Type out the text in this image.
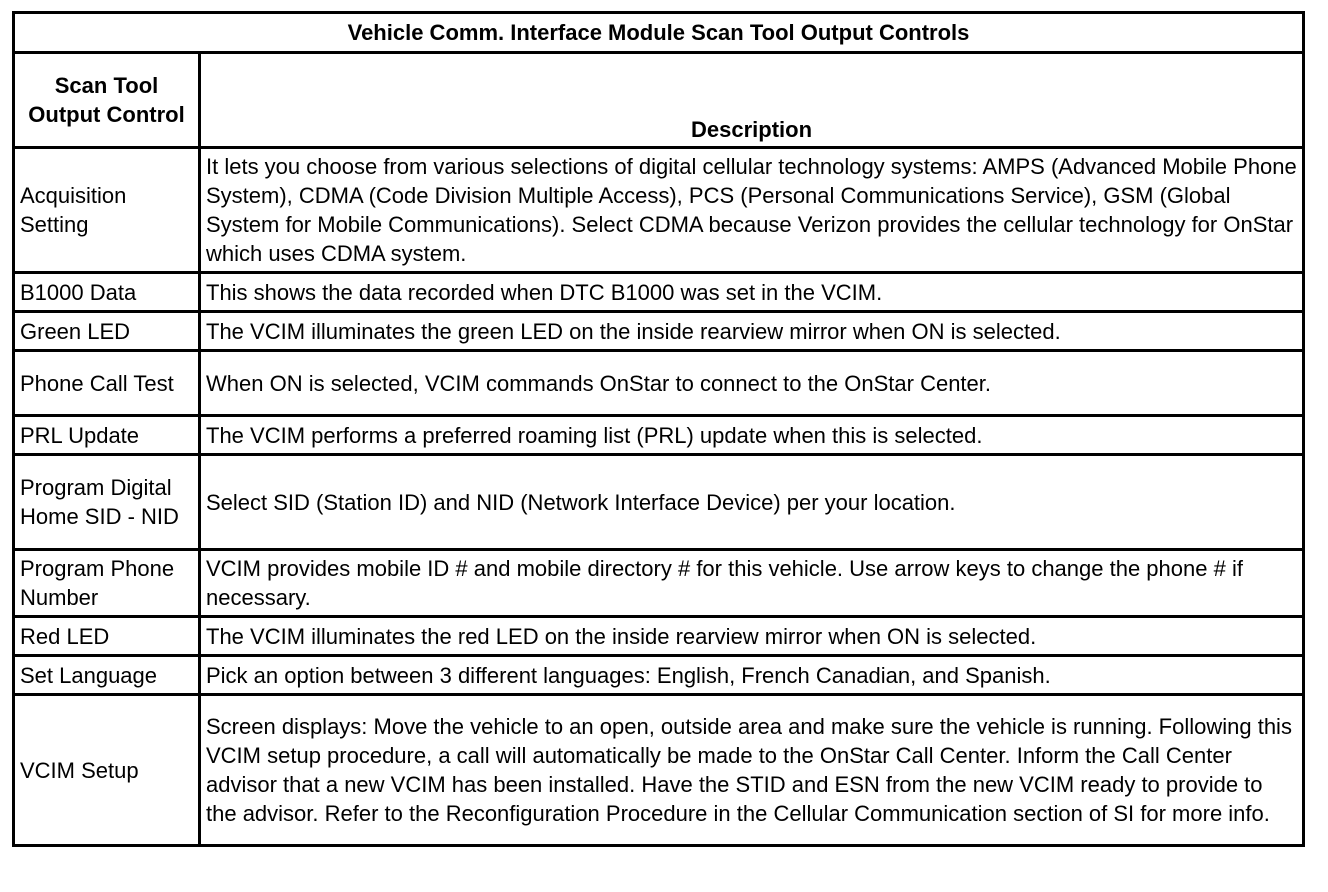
Vehicle Comm. Interface Module Scan Tool Output Controls	
Scan Tool Output Control	Description
Acquisition Setting	It lets you choose from various selections of digital cellular technology systems: AMPS (Advanced Mobile Phone System), CDMA (Code Division Multiple Access), PCS (Personal Communications Service), GSM (Global System for Mobile Communications). Select CDMA because Verizon provides the cellular technology for OnStar which uses CDMA system.
B1000 Data	This shows the data recorded when DTC B1000 was set in the VCIM.
Green LED	The VCIM illuminates the green LED on the inside rearview mirror when ON is selected.
Phone Call Test	When ON is selected, VCIM commands OnStar to connect to the OnStar Center.
PRL Update	The VCIM performs a preferred roaming list (PRL) update when this is selected.
Program Digital Home SID - NID	Select SID (Station ID) and NID (Network Interface Device) per your location.
Program Phone Number	VCIM provides mobile ID # and mobile directory # for this vehicle. Use arrow keys to change the phone # if necessary.
Red LED	The VCIM illuminates the red LED on the inside rearview mirror when ON is selected.
Set Language	Pick an option between 3 different languages: English, French Canadian, and Spanish.
VCIM Setup	Screen displays: Move the vehicle to an open, outside area and make sure the vehicle is running. Following this VCIM setup procedure, a call will automatically be made to the OnStar Call Center. Inform the Call Center advisor that a new VCIM has been installed. Have the STID and ESN from the new VCIM ready to provide to the advisor. Refer to the Reconfiguration Procedure in the Cellular Communication section of SI for more info.
